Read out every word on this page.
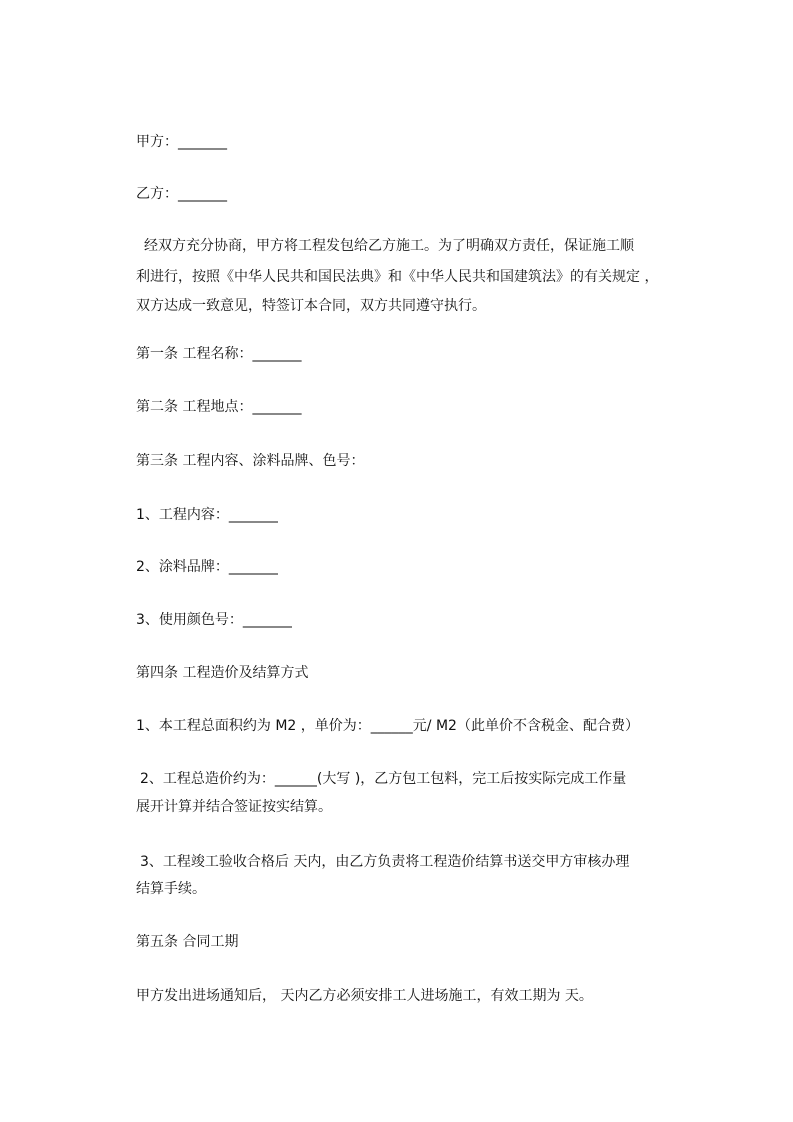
甲方：_______
乙方：_______
经双方充分协商，甲方将工程发包给乙方施工。为了明确双方责任，保证施工顺
利进行，按照《中华人民共和国民法典》和《中华人民共和国建筑法》的有关规定 ，
双方达成一致意见，特签订本合同，双方共同遵守执行。
第一条 工程名称：_______
第二条 工程地点：_______
第三条 工程内容、涂料品牌、色号：
1、工程内容：_______
2、涂料品牌：_______
3、使用颜色号：_______
第四条 工程造价及结算方式
1、本工程总面积约为 M2 ，单价为：______元/ M2（此单价不含税金、配合费）
2、工程总造价约为：______(大写 )，乙方包工包料，完工后按实际完成工作量
展开计算并结合签证按实结算。
3、工程竣工验收合格后 天内，由乙方负责将工程造价结算书送交甲方审核办理
结算手续。
第五条 合同工期
甲方发出进场通知后， 天内乙方必须安排工人进场施工，有效工期为 天。
